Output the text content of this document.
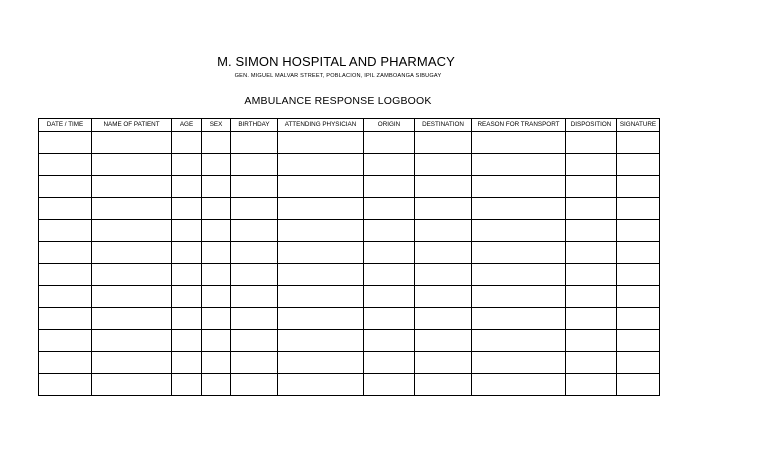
M. SIMON HOSPITAL AND PHARMACY
GEN. MIGUEL MALVAR STREET, POBLACION, IPIL ZAMBOANGA SIBUGAY
AMBULANCE RESPONSE LOGBOOK
DATE / TIME	NAME OF PATIENT	AGE	SEX	BIRTHDAY	ATTENDING PHYSICIAN	ORIGIN	DESTINATION	REASON FOR TRANSPORT	DISPOSITION	SIGNATURE
